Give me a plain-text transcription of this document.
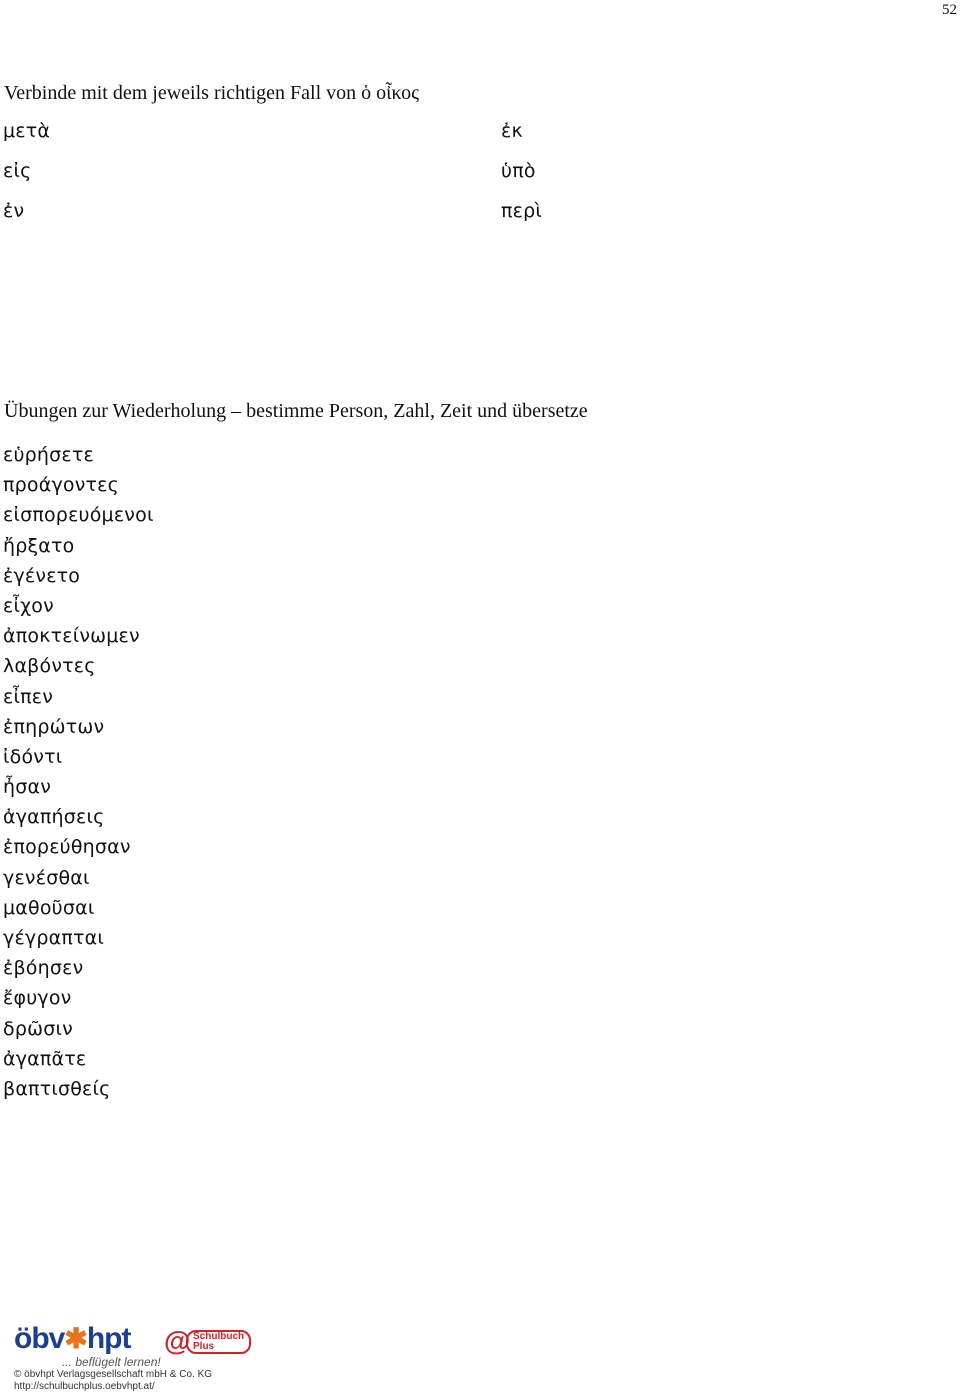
52
Verbinde mit dem jeweils richtigen Fall von ὁ οἶκος

μετὰ

εἰς

ἐν

ἐκ

ὑπὸ

περὶ

Übungen zur Wiederholung – bestimme Person, Zahl, Zeit und übersetze
εὑρήσετε
προάγοντες
εἰσπορευόμενοι
ἤρξατο
ἐγένετο
εἶχον
ἀποκτείνωμεν
λαβόντες
εἶπεν
ἐπηρώτων
ἰδόντι
ἦσαν
ἀγαπήσεις
ἐπορεύθησαν
γενέσθαι
μαθοῦσαι
γέγραπται
ἐβόησεν
ἔφυγον
δρῶσιν
ἀγαπᾶτε
βαπτισθείς
öbv✱hpt @ Schulbuch
Plus
... beflügelt lernen!
© öbvhpt Verlagsgesellschaft mbH & Co. KG
http://schulbuchplus.oebvhpt.at/
